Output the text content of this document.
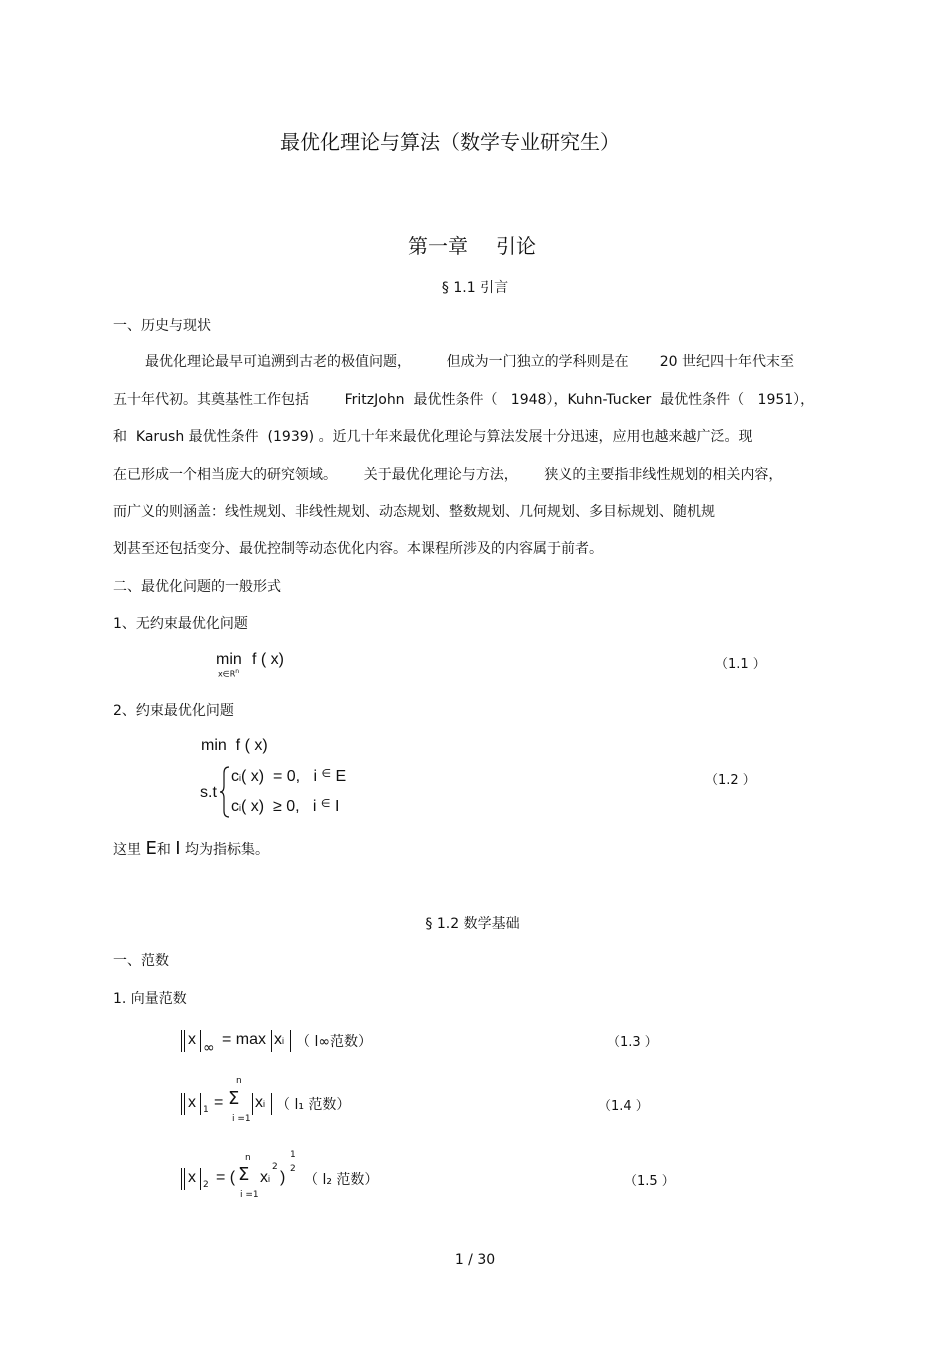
最优化理论与算法（数学专业研究生）
第一章 引论
§ 1.1 引言
一、历史与现状
最优化理论最早可追溯到古老的极值问题，        但成为一门独立的学科则是在       20 世纪四十年代末至
五十年代初。其奠基性工作包括        FritzJohn  最优性条件（   1948），Kuhn-Tucker  最优性条件（   1951），
和  Karush 最优性条件  (1939) 。近几十年来最优化理论与算法发展十分迅速，应用也越来越广泛。现
在已形成一个相当庞大的研究领域。      关于最优化理论与方法，      狭义的主要指非线性规划的相关内容，
而广义的则涵盖：线性规划、非线性规划、动态规划、整数规划、几何规划、多目标规划、随机规
划甚至还包括变分、最优控制等动态优化内容。本课程所涉及的内容属于前者。
二、最优化问题的一般形式
1、无约束最优化问题
min
$x\in R^n$
f ( x)	（1.1 ）
2、约束最优化问题
min  f ( x)
s.t
ci( x)  = 0,   i ∈ E
ci( x)  ≥ 0,   i ∈ I
（1.2 ）
这里 E和 I 均为指标集。
§ 1.2 数学基础
一、范数
1. 向量范数
x ∞ = max xi （ l∞范数）	（1.3 ）
x 1 =
n
Σ
i =1
xi （ l₁ 范数）	（1.4 ）
x 2 = (
n
Σ
i =1
xi
2
)
1
2
（ l₂ 范数）	（1.5 ）
1 / 30
